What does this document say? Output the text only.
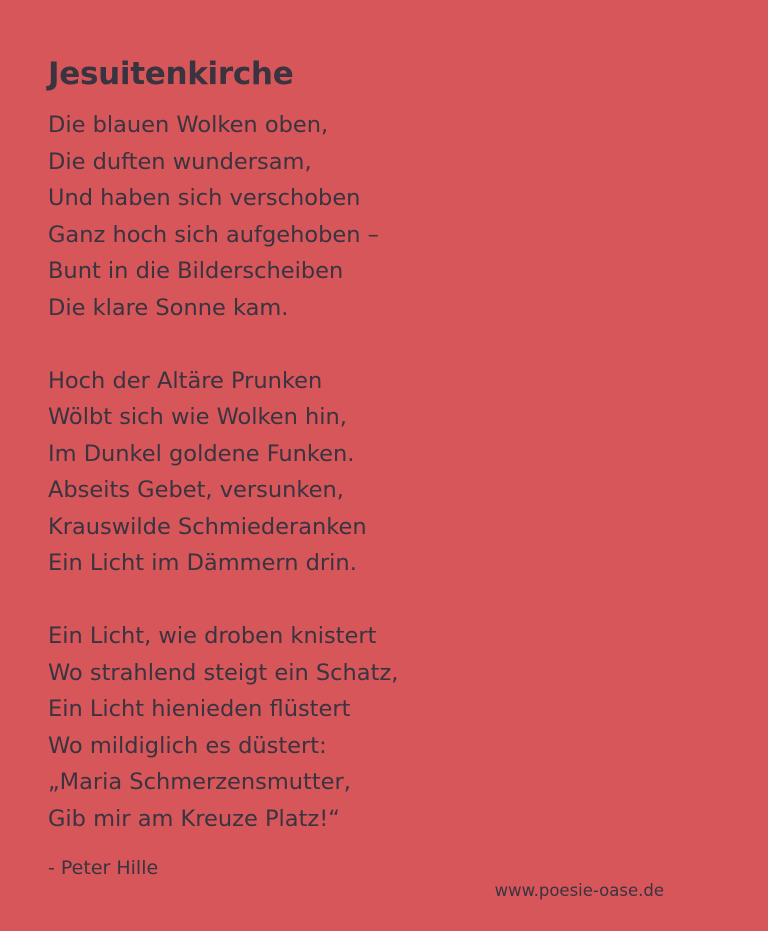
Jesuitenkirche
Die blauen Wolken oben,
Die duften wundersam,
Und haben sich verschoben
Ganz hoch sich aufgehoben –
Bunt in die Bilderscheiben
Die klare Sonne kam.
Hoch der Altäre Prunken
Wölbt sich wie Wolken hin,
Im Dunkel goldene Funken.
Abseits Gebet, versunken,
Krauswilde Schmiederanken
Ein Licht im Dämmern drin.
Ein Licht, wie droben knistert
Wo strahlend steigt ein Schatz,
Ein Licht hienieden flüstert
Wo mildiglich es düstert:
„Maria Schmerzensmutter,
Gib mir am Kreuze Platz!“
- Peter Hille
www.poesie-oase.de
